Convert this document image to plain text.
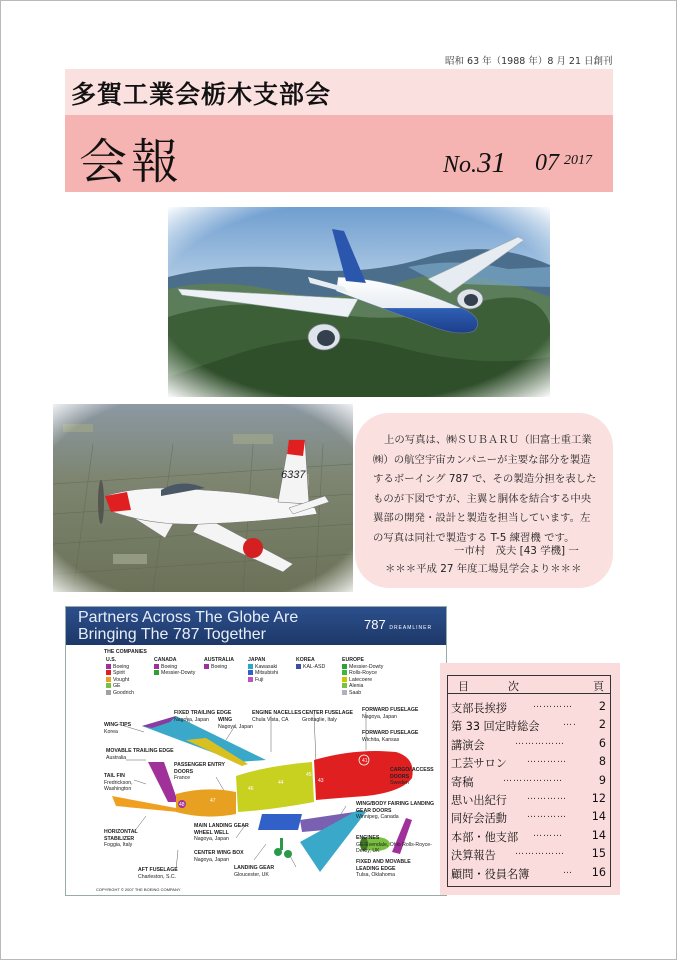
昭和 63 年（1988 年）8 月 21 日創刊
多賀工業会栃木支部会
会報	No.31 07 2017
上の写真は、㈱ＳＵＢＡＲＵ（旧富士重工業㈱）の航空宇宙カンパニーが主要な部分を製造するボーイング 787 で、その製造分担を表したものが下図ですが、主翼と胴体を結合する中央翼部の開発・設計と製造を担当しています。左の写真は同社で製造する T-5 練習機 です。
一市村　茂夫 [43 学機] 一
＊＊＊平成 27 年度工場見学会より＊＊＊
Partners Across The Globe Are
Bringing The 787 Together
787 DREAMLINER
THE COMPANIES
U.S.
Boeing
Spirit
Vought
GE
Goodrich
CANADA
Boeing
Messier-Dowty
AUSTRALIA
Boeing
JAPAN
Kawasaki
Mitsubishi
Fuji
KOREA
KAL-ASD
EUROPE
Messier-Dowty
Rolls-Royce
Latecoere
Alenia
Saab
41
43
44
46
47
48
45
FIXED TRAILING EDGE
Nagoya, Japan
WING TIPS
Korea
WING
Nagoya, Japan
ENGINE NACELLES
Chula Vista, CA
CENTER FUSELAGE
Grottaglie, Italy
FORWARD FUSELAGE
Nagoya, Japan
FORWARD FUSELAGE
Wichita, Kansas
MOVABLE TRAILING EDGE
Australia
TAIL FIN
Fredrickson, Washington
PASSENGER ENTRY DOORS
France
CARGO/ ACCESS DOORS
Sweden
WING/BODY FAIRING LANDING GEAR DOORS
Winnipeg, Canada
HORIZONTAL STABILIZER
Foggia, Italy
MAIN LANDING GEAR WHEEL WELL
Nagoya, Japan
CENTER WING BOX
Nagoya, Japan
ENGINES
GE-Evendale, Ohio Rolls-Royce-Derby, UK
AFT FUSELAGE
Charleston, S.C.
LANDING GEAR
Gloucester, UK
FIXED AND MOVABLE LEADING EDGE
Tulsa, Oklahoma
COPYRIGHT © 2007 THE BOEING COMPANY
目　次	頁
支部長挨拶	………… 2
第 33 回定時総会	…. 2
講演会	……………	6
工芸サロン …………	8
寄稿	………………	9
思い出紀行 ………… 12
同好会活動 ………… 14
本部・他支部 ………	14
決算報告 …………… 15
顧問・役員名簿	… 16
